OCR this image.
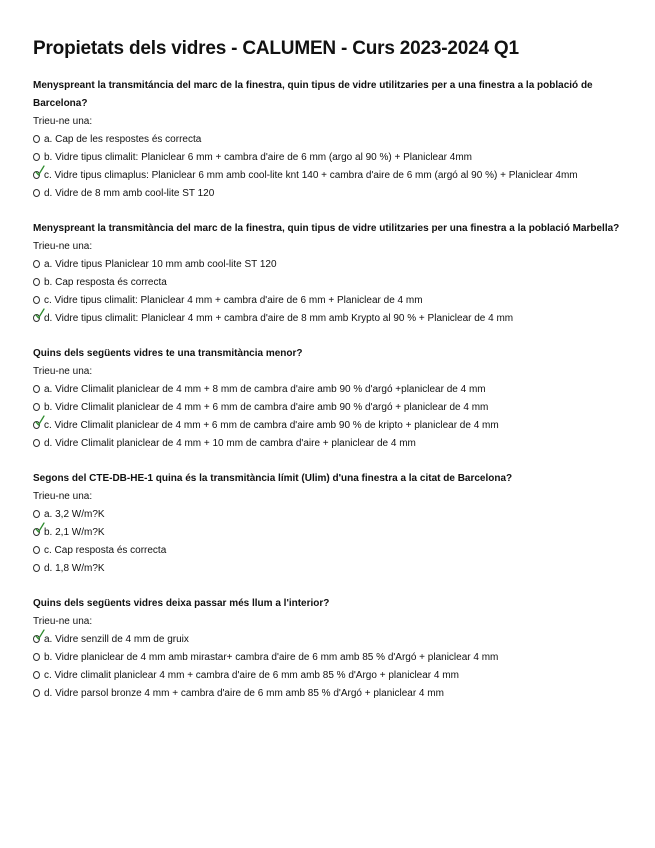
Propietats dels vidres - CALUMEN - Curs 2023-2024 Q1

Menyspreant la transmitáncia del marc de la finestra, quin tipus de vidre utilitzaries per a una finestra a la població de Barcelona?

Trieu-ne una:

a. Cap de les respostes és correcta
b. Vidre tipus climalit: Planiclear 6 mm + cambra d'aire de 6 mm (argo al 90 %) + Planiclear 4mm
c. Vidre tipus climaplus: Planiclear 6 mm amb cool-lite knt 140 + cambra d'aire de 6 mm (argó al 90 %) + Planiclear 4mm
d. Vidre de 8 mm amb cool-lite ST 120

Menyspreant la transmitància del marc de la finestra, quin tipus de vidre utilitzaries per una finestra a la població Marbella?

Trieu-ne una:

a. Vidre tipus Planiclear 10 mm amb cool-lite ST 120
b. Cap resposta és correcta
c. Vidre tipus climalit: Planiclear 4 mm + cambra d'aire de 6 mm + Planiclear de 4 mm
d. Vidre tipus climalit: Planiclear 4 mm + cambra d'aire de 8 mm amb Krypto al 90 % + Planiclear de 4 mm

Quins dels següents vidres te una transmitància menor?

Trieu-ne una:

a. Vidre Climalit planiclear de 4 mm + 8 mm de cambra d'aire amb 90 % d'argó +planiclear de 4 mm
b. Vidre Climalit planiclear de 4 mm + 6 mm de cambra d'aire amb 90 % d'argó + planiclear de 4 mm
c. Vidre Climalit planiclear de 4 mm + 6 mm de cambra d'aire amb 90 % de kripto + planiclear de 4 mm
d. Vidre Climalit planiclear de 4 mm + 10 mm de cambra d'aire + planiclear de 4 mm

Segons del CTE-DB-HE-1 quina és la transmitància límit (Ulim) d'una finestra a la citat de Barcelona?

Trieu-ne una:

a. 3,2 W/m?K
b. 2,1 W/m?K
c. Cap resposta és correcta
d. 1,8 W/m?K

Quins dels següents vidres deixa passar més llum a l'interior?

Trieu-ne una:

a. Vidre senzill de 4 mm de gruix
b. Vidre planiclear de 4 mm amb mirastar+ cambra d'aire de 6 mm amb 85 % d'Argó + planiclear 4 mm
c. Vidre climalit planiclear 4 mm + cambra d'aire de 6 mm amb 85 % d'Argo + planiclear 4 mm
d. Vidre parsol bronze 4 mm + cambra d'aire de 6 mm amb 85 % d'Argó + planiclear 4 mm
